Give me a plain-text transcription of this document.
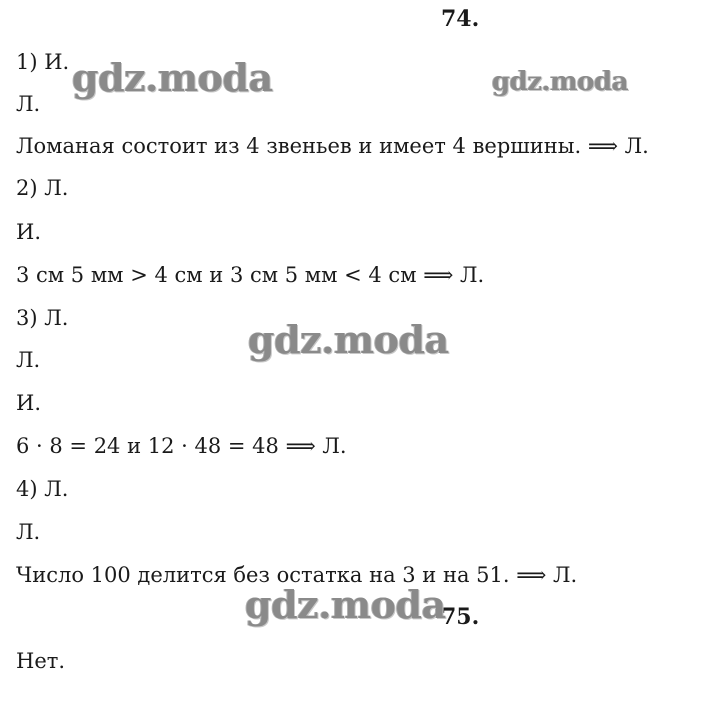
74.
1) И.
Л.
Ломаная состоит из 4 звеньев и имеет 4 вершины. ⟹ Л.
2) Л.
И.
3 см 5 мм > 4 см и 3 см 5 мм < 4 см ⟹ Л.
3) Л.
Л.
И.
6 · 8 = 24 и 12 · 48 = 48 ⟹ Л.
4) Л.
Л.
Число 100 делится без остатка на 3 и на 51. ⟹ Л.
75.
Нет.
gdz.moda	gdz.moda
gdz.moda
gdz.moda
